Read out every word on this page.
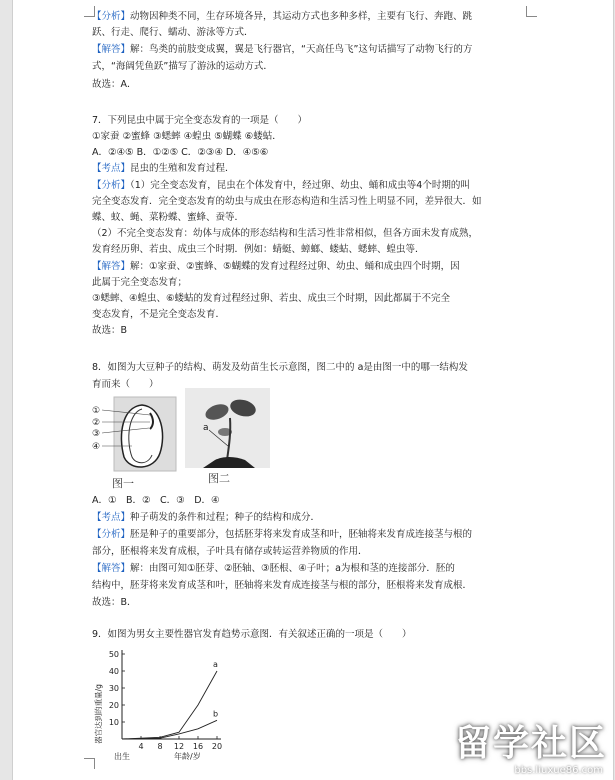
【分析】动物因种类不同，生存环境各异，其运动方式也多种多样，主要有飞行、奔跑、跳
跃、行走、爬行、蠕动、游泳等方式．
【解答】解：鸟类的前肢变成翼，翼是飞行器官，“天高任鸟飞”这句话描写了动物飞行的方
式，“海阔凭鱼跃”描写了游泳的运动方式．
故选：A．
7．下列昆虫中属于完全变态发育的一项是（　　）
①家蚕 ②蜜蜂 ③蟋蟀 ④蝗虫 ⑤蝴蝶 ⑥蝼蛄．
A．②④⑤ B．①②⑤ C．②③④ D．④⑤⑥
【考点】昆虫的生殖和发育过程．
【分析】（1）完全变态发育，昆虫在个体发育中，经过卵、幼虫、蛹和成虫等4个时期的叫
完全变态发育．完全变态发育的幼虫与成虫在形态构造和生活习性上明显不同，差异很大．如
蝶、蚊、蝇、菜粉蝶、蜜蜂、蚕等．
（2）不完全变态发育：幼体与成体的形态结构和生活习性非常相似，但各方面未发育成熟，
发育经历卵、若虫、成虫三个时期．例如：蜻蜓、蟑螂、蝼蛄、蟋蟀、蝗虫等．
【解答】解：①家蚕、②蜜蜂、⑤蝴蝶的发育过程经过卵、幼虫、蛹和成虫四个时期，因
此属于完全变态发育；
③蟋蟀、④蝗虫、⑥蝼蛄的发育过程经过卵、若虫、成虫三个时期，因此都属于不完全
变态发育，不是完全变态发育．
故选：B
8．如图为大豆种子的结构、萌发及幼苗生长示意图，图二中的 a是由图一中的哪一结构发
育而来（　　）
①
②
③
④
a
图一	图二
A．①　B．②　C．③　D．④
【考点】种子萌发的条件和过程；种子的结构和成分．
【分析】胚是种子的重要部分，包括胚芽将来发育成茎和叶，胚轴将来发育成连接茎与根的
部分，胚根将来发育成根，子叶具有储存或转运营养物质的作用．
【解答】解：由图可知①胚芽、②胚轴、③胚根、④子叶；a为根和茎的连接部分．胚的
结构中，胚芽将来发育成茎和叶，胚轴将来发育成连接茎与根的部分，胚根将来发育成根．
故选：B．
9．如图为男女主要性器官发育趋势示意图．有关叙述正确的一项是（　　）
器官达到的重量/g 10
20
30
40
50
4 8 12 16 20
a
b
出生	年龄/岁	留学社区
bbs.liuxue86.com
